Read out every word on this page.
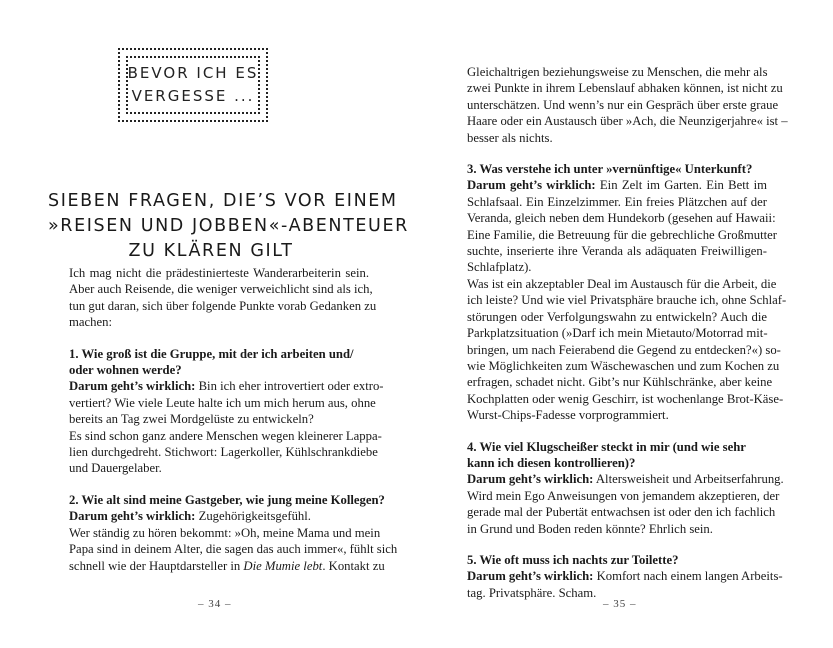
BEVOR ICH ES
VERGESSE ...
SIEBEN FRAGEN, DIE’S VOR EINEM
»REISEN UND JOBBEN«-ABENTEUER
ZU KLÄREN GILT

Ich mag nicht die prädestinierteste Wanderarbeiterin sein.

Aber auch Reisende, die weniger verweichlicht sind als ich,

tun gut daran, sich über folgende Punkte vorab Gedanken zu

machen:

1. Wie groß ist die Gruppe, mit der ich arbeiten und/

oder wohnen werde?

Darum geht’s wirklich: Bin ich eher introvertiert oder extro-

vertiert? Wie viele Leute halte ich um mich herum aus, ohne

bereits an Tag zwei Mordgelüste zu entwickeln?

Es sind schon ganz andere Menschen wegen kleinerer Lappa-

lien durchgedreht. Stichwort: Lagerkoller, Kühlschrankdiebe

und Dauergelaber.

2. Wie alt sind meine Gastgeber, wie jung meine Kollegen?

Darum geht’s wirklich: Zugehörigkeitsgefühl.

Wer ständig zu hören bekommt: »Oh, meine Mama und mein

Papa sind in deinem Alter, die sagen das auch immer«, fühlt sich

schnell wie der Hauptdarsteller in Die Mumie lebt. Kontakt zu

– 34 –

Gleichaltrigen beziehungsweise zu Menschen, die mehr als

zwei Punkte in ihrem Lebenslauf abhaken können, ist nicht zu

unterschätzen. Und wenn’s nur ein Gespräch über erste graue

Haare oder ein Austausch über »Ach, die Neunzigerjahre« ist –

besser als nichts.

3. Was verstehe ich unter »vernünftige« Unterkunft?

Darum geht’s wirklich: Ein Zelt im Garten. Ein Bett im

Schlafsaal. Ein Einzelzimmer. Ein freies Plätzchen auf der

Veranda, gleich neben dem Hundekorb (gesehen auf Hawaii:

Eine Familie, die Betreuung für die gebrechliche Großmutter

suchte, inserierte ihre Veranda als adäquaten Freiwilligen-

Schlafplatz).

Was ist ein akzeptabler Deal im Austausch für die Arbeit, die

ich leiste? Und wie viel Privatsphäre brauche ich, ohne Schlaf-

störungen oder Verfolgungswahn zu entwickeln? Auch die

Parkplatzsituation (»Darf ich mein Mietauto/Motorrad mit-

bringen, um nach Feierabend die Gegend zu entdecken?«) so-

wie Möglichkeiten zum Wäschewaschen und zum Kochen zu

erfragen, schadet nicht. Gibt’s nur Kühlschränke, aber keine

Kochplatten oder wenig Geschirr, ist wochenlange Brot-Käse-

Wurst-Chips-Fadesse vorprogrammiert.

4. Wie viel Klugscheißer steckt in mir (und wie sehr

kann ich diesen kontrollieren)?

Darum geht’s wirklich: Altersweisheit und Arbeitserfahrung.

Wird mein Ego Anweisungen von jemandem akzeptieren, der

gerade mal der Pubertät entwachsen ist oder den ich fachlich

in Grund und Boden reden könnte? Ehrlich sein.

5. Wie oft muss ich nachts zur Toilette?

Darum geht’s wirklich: Komfort nach einem langen Arbeits-

tag. Privatsphäre. Scham.

– 35 –
